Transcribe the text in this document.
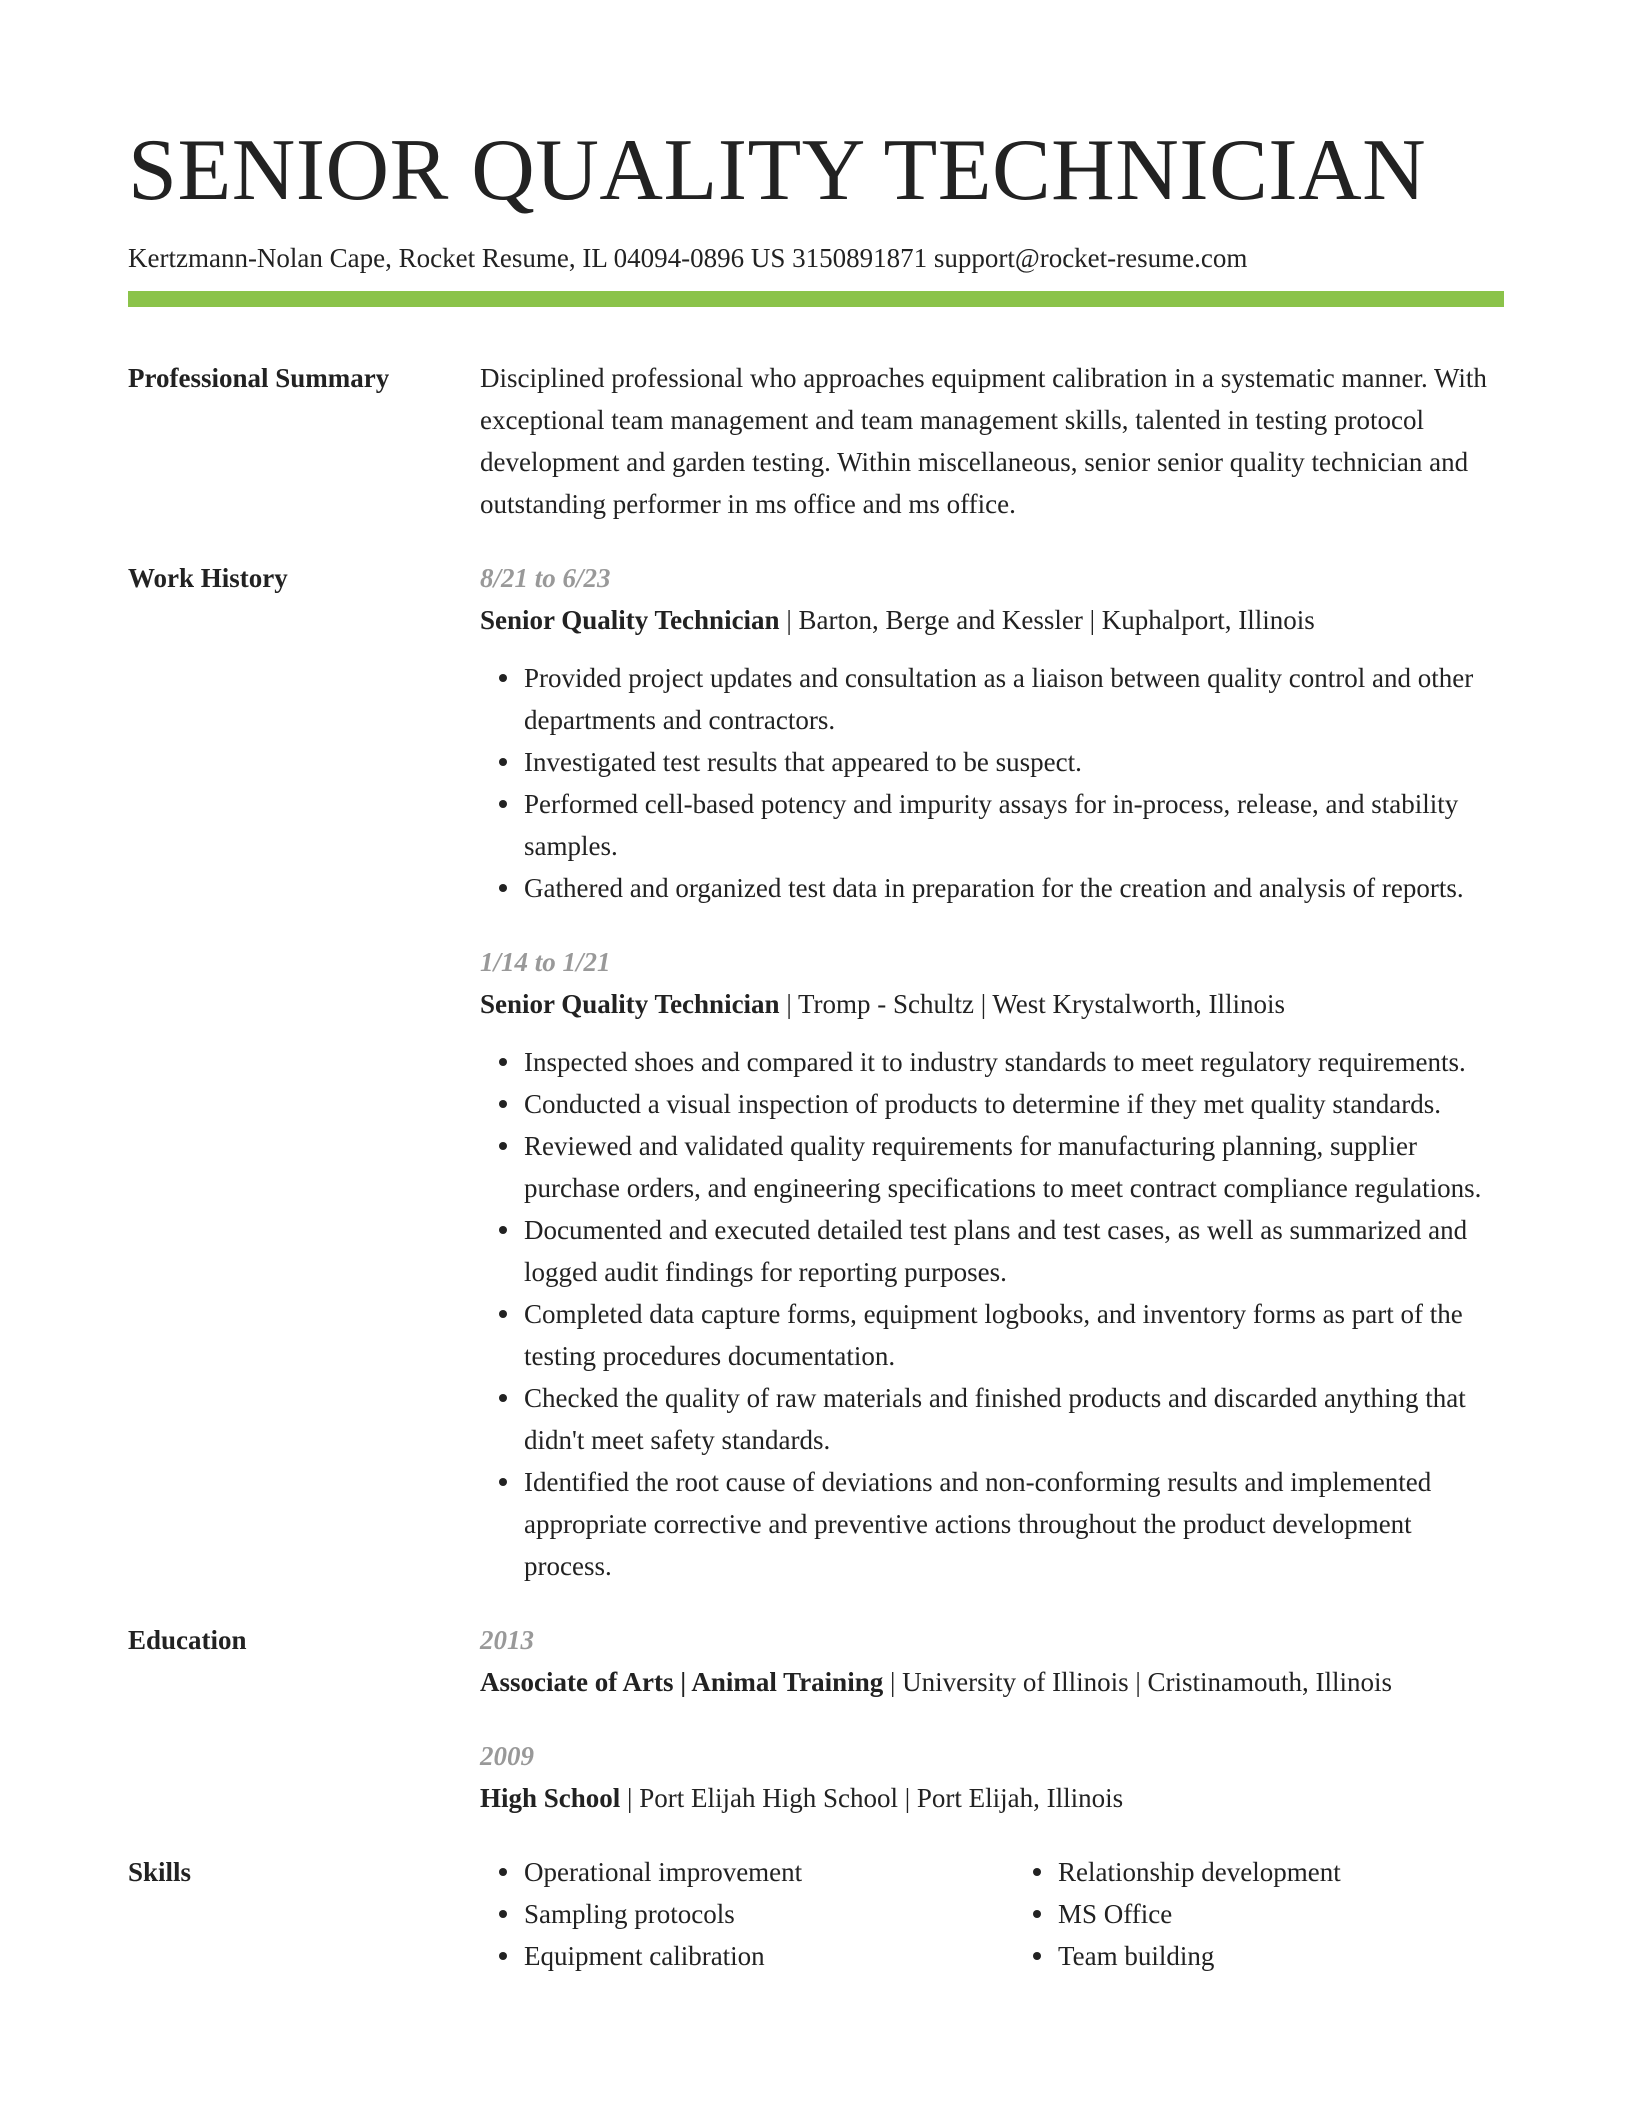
SENIOR QUALITY TECHNICIAN
Kertzmann-Nolan Cape, Rocket Resume, IL 04094-0896 US 3150891871 support@rocket-resume.com
Professional Summary	Disciplined professional who approaches equipment calibration in a systematic manner. With exceptional team management and team management skills, talented in testing protocol development and garden testing. Within miscellaneous, senior senior quality technician and outstanding performer in ms office and ms office.

Work History	8/21 to 6/23

Senior Quality Technician | Barton, Berge and Kessler | Kuphalport, Illinois

Provided project updates and consultation as a liaison between quality control and other departments and contractors.
Investigated test results that appeared to be suspect.
Performed cell-based potency and impurity assays for in-process, release, and stability samples.
Gathered and organized test data in preparation for the creation and analysis of reports.
1/14 to 1/21

Senior Quality Technician | Tromp - Schultz | West Krystalworth, Illinois

Inspected shoes and compared it to industry standards to meet regulatory requirements.
Conducted a visual inspection of products to determine if they met quality standards.
Reviewed and validated quality requirements for manufacturing planning, supplier purchase orders, and engineering specifications to meet contract compliance regulations.
Documented and executed detailed test plans and test cases, as well as summarized and logged audit findings for reporting purposes.
Completed data capture forms, equipment logbooks, and inventory forms as part of the testing procedures documentation.
Checked the quality of raw materials and finished products and discarded anything that didn't meet safety standards.
Identified the root cause of deviations and non-conforming results and implemented appropriate corrective and preventive actions throughout the product development process.
Education	2013

Associate of Arts | Animal Training | University of Illinois | Cristinamouth, Illinois

2009

High School | Port Elijah High School | Port Elijah, Illinois

Skills	Operational improvement
Sampling protocols
Equipment calibration
Relationship development
MS Office
Team building
